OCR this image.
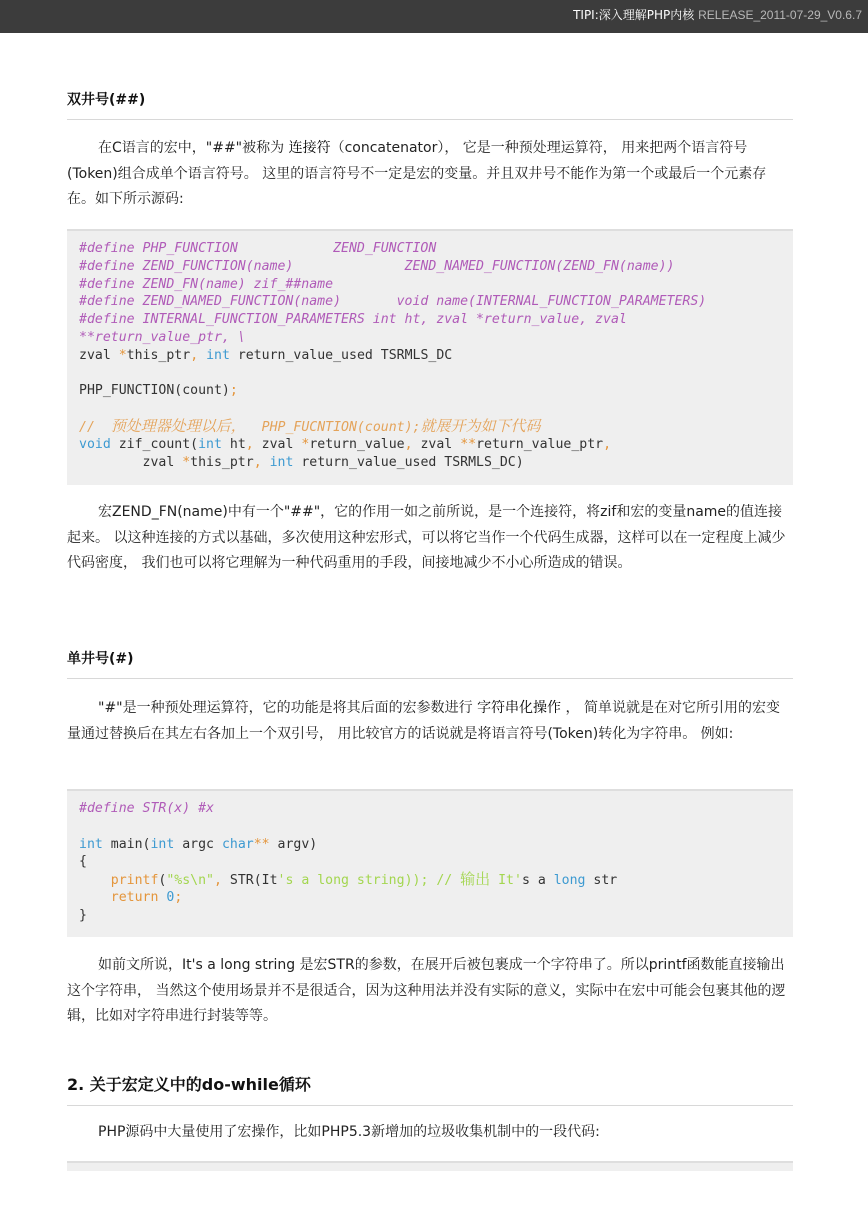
TIPI:深入理解PHP内核 RELEASE_2011-07-29_V0.6.7
双井号(##)
在C语言的宏中，"##"被称为 连接符（concatenator）， 它是一种预处理运算符， 用来把两个语言符号(Token)组合成单个语言符号。 这里的语言符号不一定是宏的变量。并且双井号不能作为第一个或最后一个元素存在。如下所示源码:
#define PHP_FUNCTION            ZEND_FUNCTION
#define ZEND_FUNCTION(name)              ZEND_NAMED_FUNCTION(ZEND_FN(name))
#define ZEND_FN(name) zif_##name
#define ZEND_NAMED_FUNCTION(name)       void name(INTERNAL_FUNCTION_PARAMETERS)
#define INTERNAL_FUNCTION_PARAMETERS int ht, zval *return_value, zval
**return_value_ptr, \
zval *this_ptr, int return_value_used TSRMLS_DC
PHP_FUNCTION(count);
//  预处理器处理以后，  PHP_FUCNTION(count);就展开为如下代码
void zif_count(int ht, zval *return_value, zval **return_value_ptr,
zval *this_ptr, int return_value_used TSRMLS_DC)
宏ZEND_FN(name)中有一个"##"，它的作用一如之前所说，是一个连接符，将zif和宏的变量name的值连接起来。 以这种连接的方式以基础，多次使用这种宏形式，可以将它当作一个代码生成器，这样可以在一定程度上减少代码密度， 我们也可以将它理解为一种代码重用的手段，间接地减少不小心所造成的错误。
单井号(#)
"#"是一种预处理运算符，它的功能是将其后面的宏参数进行 字符串化操作 ， 简单说就是在对它所引用的宏变量通过替换后在其左右各加上一个双引号， 用比较官方的话说就是将语言符号(Token)转化为字符串。 例如:
#define STR(x) #x
int main(int argc char** argv)
{
printf("%s\n", STR(It's a long string)); // 输出 It's a long str
return 0;
}
如前文所说，It's a long string 是宏STR的参数，在展开后被包裹成一个字符串了。所以printf函数能直接输出这个字符串， 当然这个使用场景并不是很适合，因为这种用法并没有实际的意义，实际中在宏中可能会包裹其他的逻辑，比如对字符串进行封装等等。
2. 关于宏定义中的do-while循环
PHP源码中大量使用了宏操作，比如PHP5.3新增加的垃圾收集机制中的一段代码:
